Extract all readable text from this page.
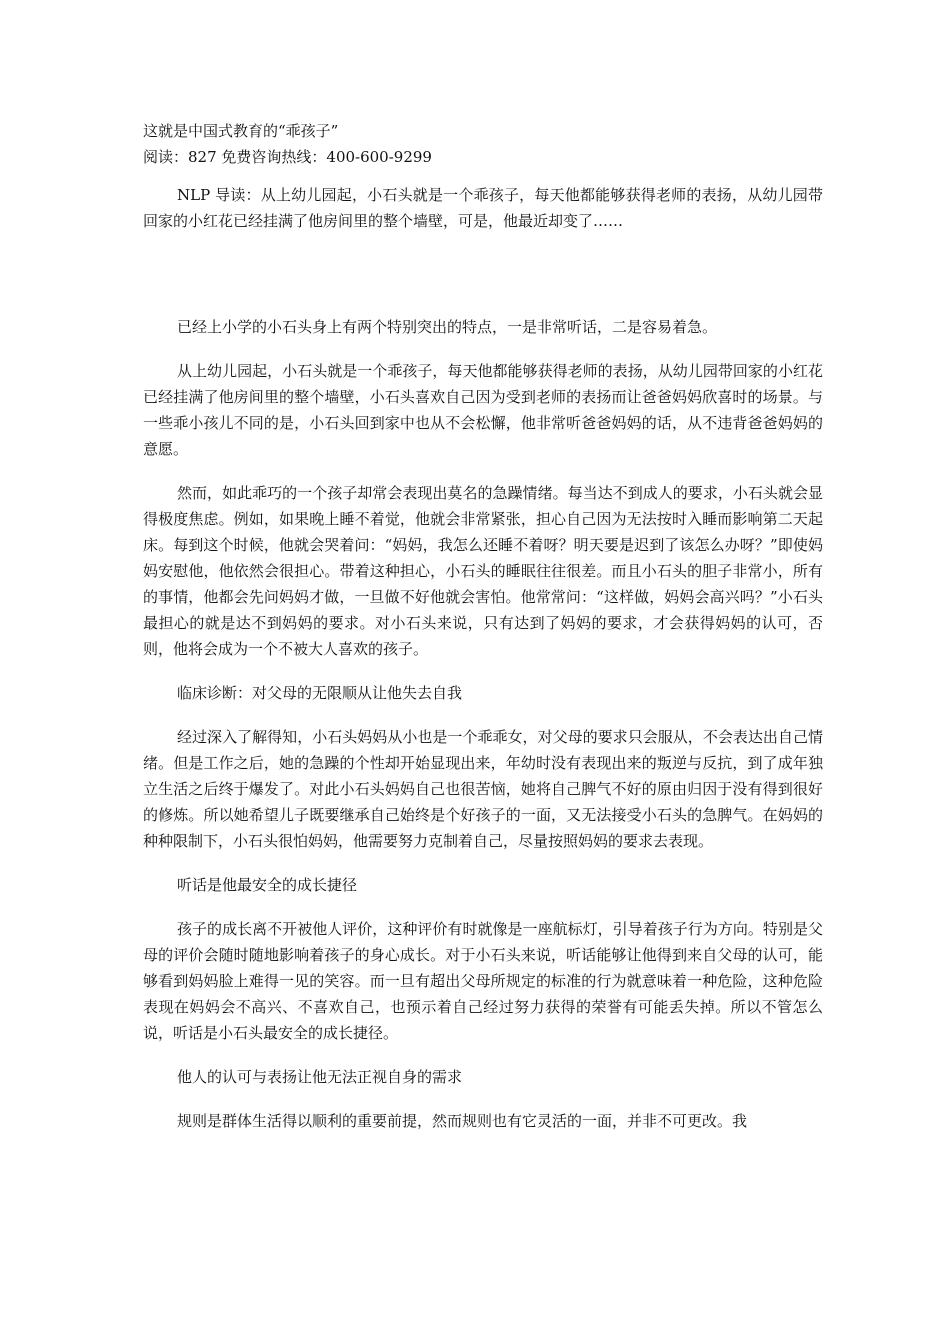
这就是中国式教育的“乖孩子”

阅读：827 免费咨询热线：400-600-9299

NLP 导读：从上幼儿园起，小石头就是一个乖孩子，每天他都能够获得老师的表扬，从幼儿园带回家的小红花已经挂满了他房间里的整个墙壁，可是，他最近却变了……

已经上小学的小石头身上有两个特别突出的特点，一是非常听话，二是容易着急。

从上幼儿园起，小石头就是一个乖孩子，每天他都能够获得老师的表扬，从幼儿园带回家的小红花已经挂满了他房间里的整个墙壁，小石头喜欢自己因为受到老师的表扬而让爸爸妈妈欣喜时的场景。与一些乖小孩儿不同的是，小石头回到家中也从不会松懈，他非常听爸爸妈妈的话，从不违背爸爸妈妈的意愿。

然而，如此乖巧的一个孩子却常会表现出莫名的急躁情绪。每当达不到成人的要求，小石头就会显得极度焦虑。例如，如果晚上睡不着觉，他就会非常紧张，担心自己因为无法按时入睡而影响第二天起床。每到这个时候，他就会哭着问：“妈妈，我怎么还睡不着呀？明天要是迟到了该怎么办呀？”即使妈妈安慰他，他依然会很担心。带着这种担心，小石头的睡眠往往很差。而且小石头的胆子非常小，所有的事情，他都会先问妈妈才做，一旦做不好他就会害怕。他常常问：“这样做，妈妈会高兴吗？”小石头最担心的就是达不到妈妈的要求。对小石头来说，只有达到了妈妈的要求，才会获得妈妈的认可，否则，他将会成为一个不被大人喜欢的孩子。

临床诊断：对父母的无限顺从让他失去自我

经过深入了解得知，小石头妈妈从小也是一个乖乖女，对父母的要求只会服从，不会表达出自己情绪。但是工作之后，她的急躁的个性却开始显现出来，年幼时没有表现出来的叛逆与反抗，到了成年独立生活之后终于爆发了。对此小石头妈妈自己也很苦恼，她将自己脾气不好的原由归因于没有得到很好的修炼。所以她希望儿子既要继承自己始终是个好孩子的一面，又无法接受小石头的急脾气。在妈妈的种种限制下，小石头很怕妈妈，他需要努力克制着自己，尽量按照妈妈的要求去表现。

听话是他最安全的成长捷径

孩子的成长离不开被他人评价，这种评价有时就像是一座航标灯，引导着孩子行为方向。特别是父母的评价会随时随地影响着孩子的身心成长。对于小石头来说，听话能够让他得到来自父母的认可，能够看到妈妈脸上难得一见的笑容。而一旦有超出父母所规定的标准的行为就意味着一种危险，这种危险表现在妈妈会不高兴、不喜欢自己，也预示着自己经过努力获得的荣誉有可能丢失掉。所以不管怎么说，听话是小石头最安全的成长捷径。

他人的认可与表扬让他无法正视自身的需求

规则是群体生活得以顺利的重要前提，然而规则也有它灵活的一面，并非不可更改。我
